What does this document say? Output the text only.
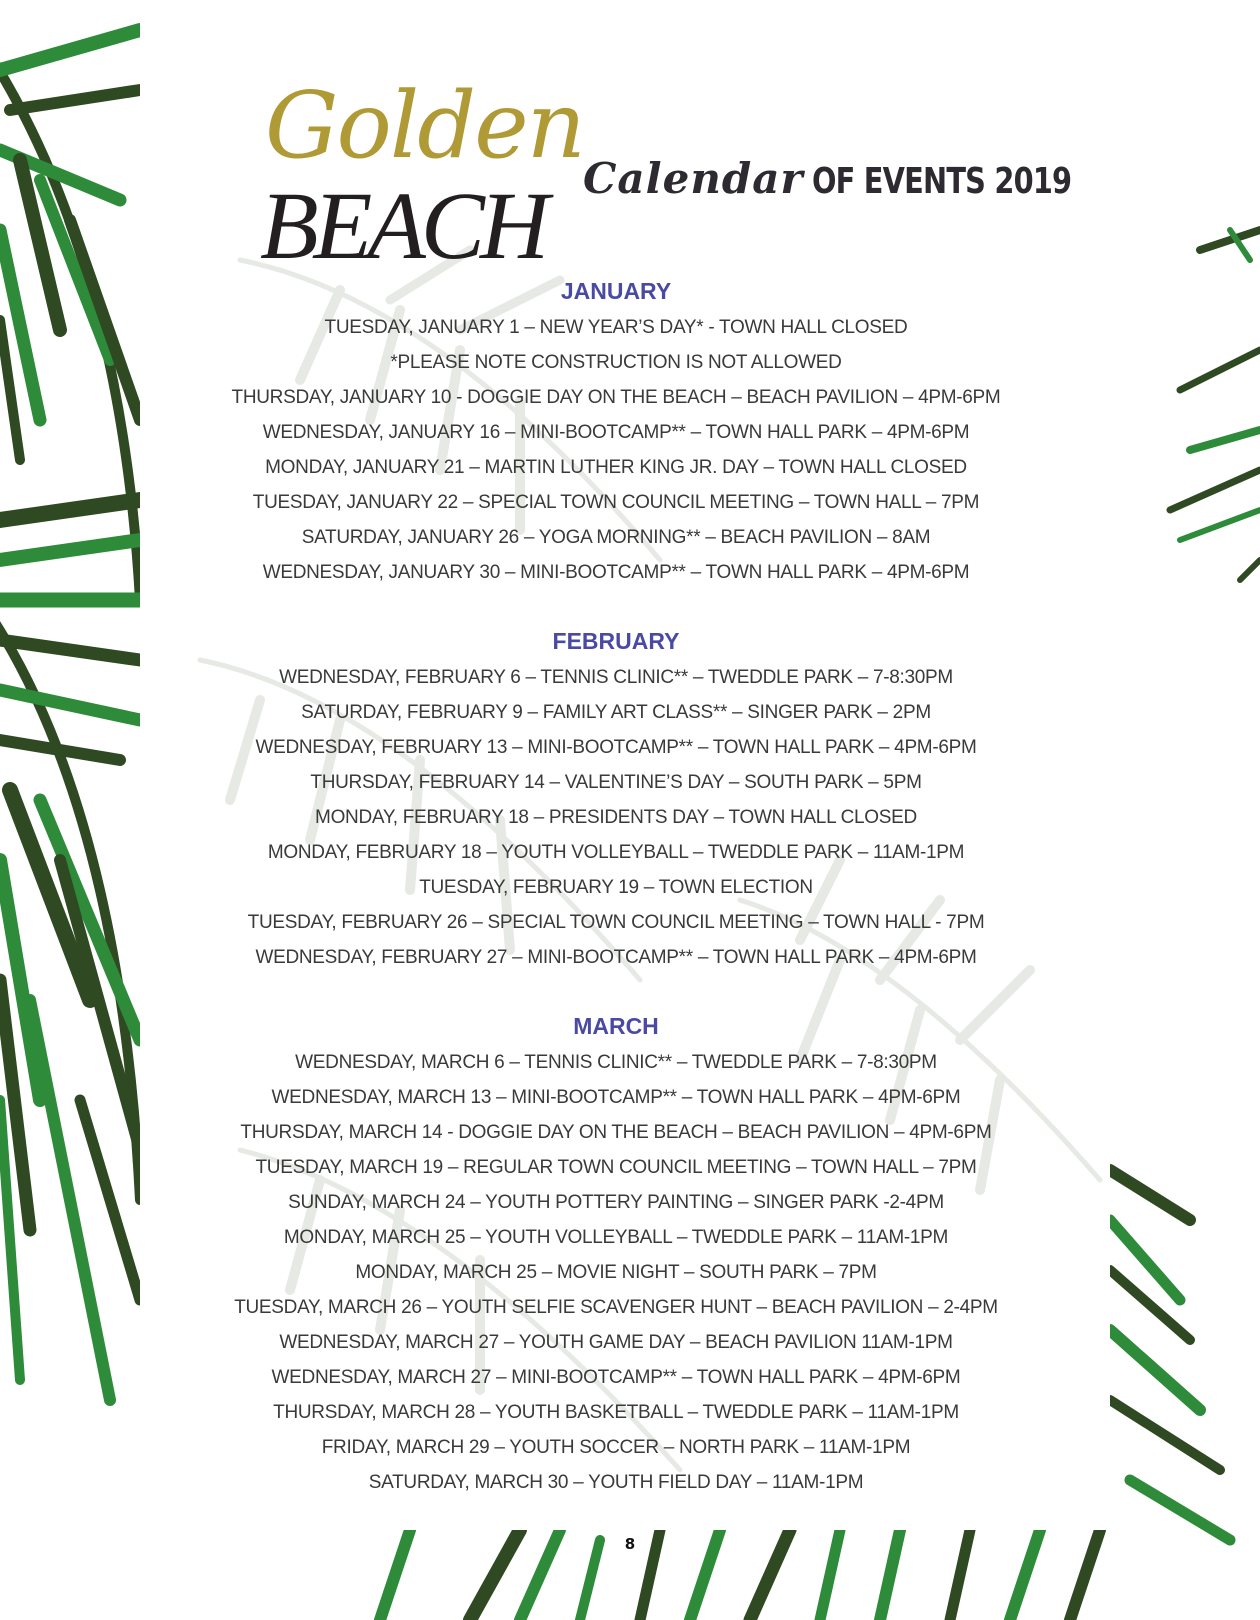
Golden

BEACH Calendar OF EVENTS 2019
JANUARY
TUESDAY, JANUARY 1 – NEW YEAR’S DAY* - TOWN HALL CLOSED
*PLEASE NOTE CONSTRUCTION IS NOT ALLOWED
THURSDAY, JANUARY 10 - DOGGIE DAY ON THE BEACH – BEACH PAVILION – 4PM-6PM
WEDNESDAY, JANUARY 16 – MINI-BOOTCAMP** – TOWN HALL PARK – 4PM-6PM
MONDAY, JANUARY 21 – MARTIN LUTHER KING JR. DAY – TOWN HALL CLOSED
TUESDAY, JANUARY 22 – SPECIAL TOWN COUNCIL MEETING – TOWN HALL – 7PM
SATURDAY, JANUARY 26 – YOGA MORNING** – BEACH PAVILION – 8AM
WEDNESDAY, JANUARY 30 – MINI-BOOTCAMP** – TOWN HALL PARK – 4PM-6PM
FEBRUARY
WEDNESDAY, FEBRUARY 6 – TENNIS CLINIC** – TWEDDLE PARK – 7-8:30PM
SATURDAY, FEBRUARY 9 – FAMILY ART CLASS** – SINGER PARK – 2PM
WEDNESDAY, FEBRUARY 13 – MINI-BOOTCAMP** – TOWN HALL PARK – 4PM-6PM
THURSDAY, FEBRUARY 14 – VALENTINE’S DAY – SOUTH PARK – 5PM
MONDAY, FEBRUARY 18 – PRESIDENTS DAY – TOWN HALL CLOSED
MONDAY, FEBRUARY 18 – YOUTH VOLLEYBALL – TWEDDLE PARK – 11AM-1PM
TUESDAY, FEBRUARY 19 – TOWN ELECTION
TUESDAY, FEBRUARY 26 – SPECIAL TOWN COUNCIL MEETING – TOWN HALL - 7PM
WEDNESDAY, FEBRUARY 27 – MINI-BOOTCAMP** – TOWN HALL PARK – 4PM-6PM
MARCH
WEDNESDAY, MARCH 6 – TENNIS CLINIC** – TWEDDLE PARK – 7-8:30PM
WEDNESDAY, MARCH 13 – MINI-BOOTCAMP** – TOWN HALL PARK – 4PM-6PM
THURSDAY, MARCH 14 - DOGGIE DAY ON THE BEACH – BEACH PAVILION – 4PM-6PM
TUESDAY, MARCH 19 – REGULAR TOWN COUNCIL MEETING – TOWN HALL – 7PM
SUNDAY, MARCH 24 – YOUTH POTTERY PAINTING – SINGER PARK -2-4PM
MONDAY, MARCH 25 – YOUTH VOLLEYBALL – TWEDDLE PARK – 11AM-1PM
MONDAY, MARCH 25 – MOVIE NIGHT – SOUTH PARK – 7PM
TUESDAY, MARCH 26 – YOUTH SELFIE SCAVENGER HUNT – BEACH PAVILION – 2-4PM
WEDNESDAY, MARCH 27 – YOUTH GAME DAY – BEACH PAVILION 11AM-1PM
WEDNESDAY, MARCH 27 – MINI-BOOTCAMP** – TOWN HALL PARK – 4PM-6PM
THURSDAY, MARCH 28 – YOUTH BASKETBALL – TWEDDLE PARK – 11AM-1PM
FRIDAY, MARCH 29 – YOUTH SOCCER – NORTH PARK – 11AM-1PM
SATURDAY, MARCH 30 – YOUTH FIELD DAY – 11AM-1PM

8
